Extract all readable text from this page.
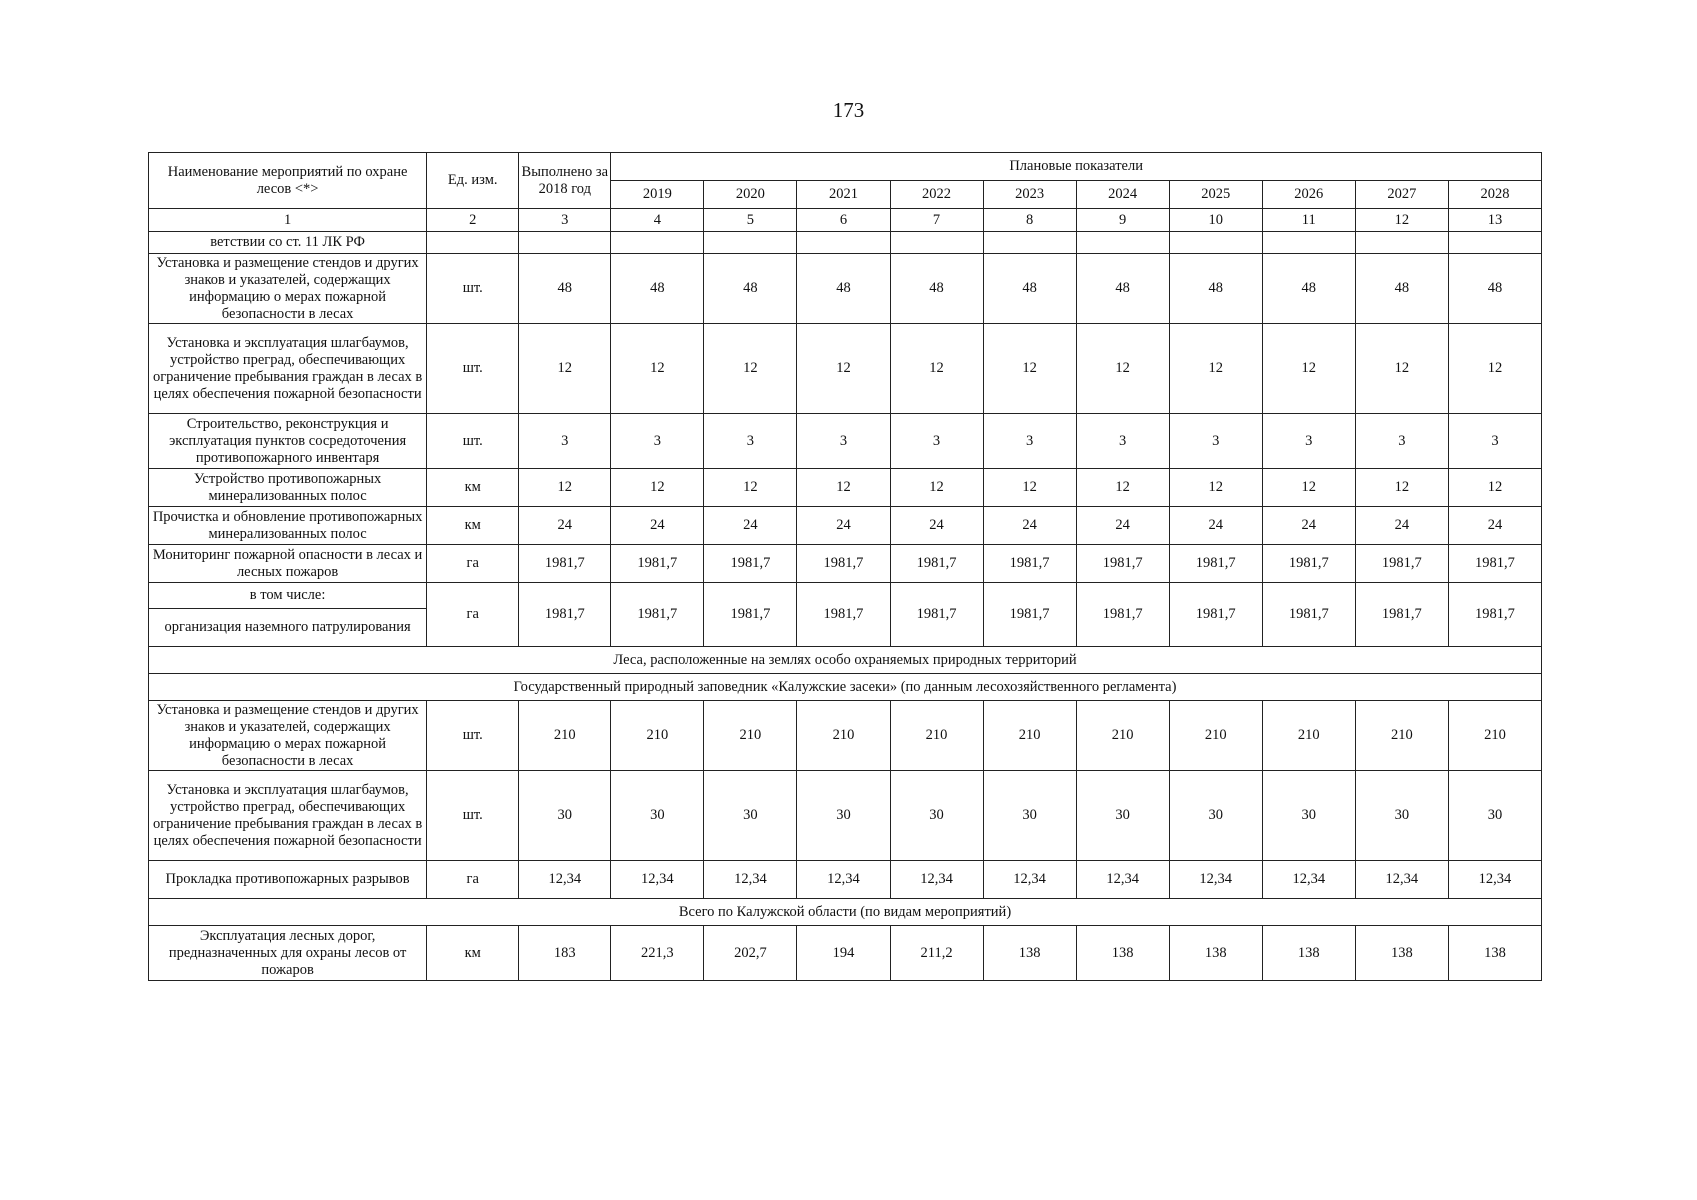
173
Наименование мероприятий по охране лесов <*>	Ед. изм.	Выполнено за 2018 год	Плановые показатели									
			2019	2020	2021	2022	2023	2024	2025	2026	2027	2028
1	2	3	4	5	6	7	8	9	10	11	12	13
ветствии со ст. 11 ЛК РФ												
Установка и размещение стендов и других знаков и указателей, содержащих информацию о мерах пожарной безопасности в лесах	шт.	48	48	48	48	48	48	48	48	48	48	48
Установка и эксплуатация шлагбаумов, устройство преград, обеспечивающих ограничение пребывания граждан в лесах в целях обеспечения пожарной безопасности	шт.	12	12	12	12	12	12	12	12	12	12	12
Строительство, реконструкция и эксплуатация пунктов сосредоточения противопожарного инвентаря	шт.	3	3	3	3	3	3	3	3	3	3	3
Устройство противопожарных минерализованных полос	км	12	12	12	12	12	12	12	12	12	12	12
Прочистка и обновление противопожарных минерализованных полос	км	24	24	24	24	24	24	24	24	24	24	24
Мониторинг пожарной опасности в лесах и лесных пожаров	га	1981,7	1981,7	1981,7	1981,7	1981,7	1981,7	1981,7	1981,7	1981,7	1981,7	1981,7
в том числе:	га	1981,7	1981,7	1981,7	1981,7	1981,7	1981,7	1981,7	1981,7	1981,7	1981,7	1981,7
организация наземного патрулирования												
Леса, расположенные на землях особо охраняемых природных территорий												
Государственный природный заповедник «Калужские засеки» (по данным лесохозяйственного регламента)												
Установка и размещение стендов и других знаков и указателей, содержащих информацию о мерах пожарной безопасности в лесах	шт.	210	210	210	210	210	210	210	210	210	210	210
Установка и эксплуатация шлагбаумов, устройство преград, обеспечивающих ограничение пребывания граждан в лесах в целях обеспечения пожарной безопасности	шт.	30	30	30	30	30	30	30	30	30	30	30
Прокладка противопожарных разрывов	га	12,34	12,34	12,34	12,34	12,34	12,34	12,34	12,34	12,34	12,34	12,34
Всего по Калужской области (по видам мероприятий)												
Эксплуатация лесных дорог, предназначенных для охраны лесов от пожаров	км	183	221,3	202,7	194	211,2	138	138	138	138	138	138
